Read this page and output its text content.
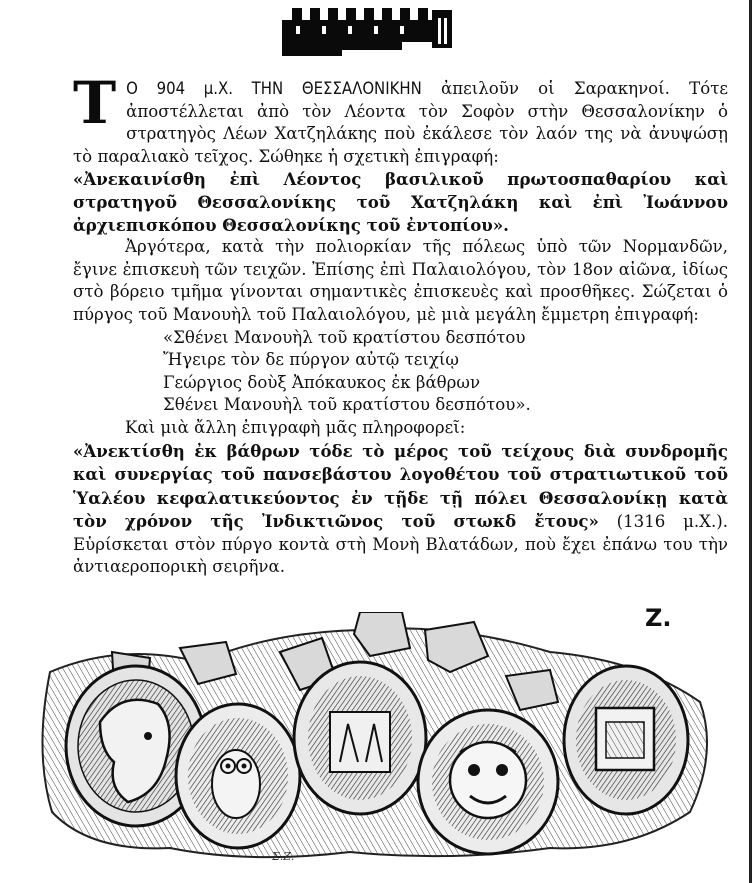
Τ Ο 904 μ.Χ. ΤΗΝ ΘΕΣΣΑΛΟΝΙΚΗΝ ἀπειλοῦν οἱ Σαρακηνοί. Τότε ἀποστέλλεται ἀπὸ τὸν Λέοντα τὸν Σοφὸν στὴν Θεσσαλονίκην ὁ στρατηγὸς Λέων Χατζηλάκης ποὺ ἐκάλεσε τὸν λαόν της νὰ ἀνυψώσῃ τὸ παραλιακὸ τεῖχος. Σώθηκε ἡ σχετικὴ ἐπιγραφή:

«Ἀνεκαινίσθη ἐπὶ Λέοντος βασιλικοῦ πρωτοσπαθαρίου καὶ στρατηγοῦ Θεσσαλονίκης τοῦ Χατζηλάκη καὶ ἐπὶ Ἰωάννου ἀρχιεπισκόπου Θεσσαλονίκης τοῦ ἐντοπίου».

Ἀργότερα, κατὰ τὴν πολιορκίαν τῆς πόλεως ὑπὸ τῶν Νορμανδῶν, ἔγινε ἐπισκευὴ τῶν τειχῶν. Ἐπίσης ἐπὶ Παλαιολόγου, τὸν 18ον αἰῶνα, ἰδίως στὸ βόρειο τμῆμα γίνονται σημαντικὲς ἐπισκευὲς καὶ προσθῆκες. Σώζεται ὁ πύργος τοῦ Μανουὴλ τοῦ Παλαιολόγου, μὲ μιὰ μεγάλη ἔμμετρη ἐπιγραφή:

«Σθένει Μανουὴλ τοῦ κρατίστου δεσπότου
Ἤγειρε τὸν δε πύργον αὐτῷ τειχίῳ
Γεώργιος δοὺξ Ἀπόκαυκος ἐκ βάθρων
Σθένει Μανουὴλ τοῦ κρατίστου δεσπότου».

Καὶ μιὰ ἄλλη ἐπιγραφὴ μᾶς πληροφορεῖ:

«Ἀνεκτίσθη ἐκ βάθρων τόδε τὸ μέρος τοῦ τείχους διὰ συνδρομῆς καὶ συνεργίας τοῦ πανσεβάστου λογοθέτου τοῦ στρατιωτικοῦ τοῦ Ὑαλέου κεφαλατικεύοντος ἐν τῇδε τῇ πόλει Θεσσαλονίκῃ κατὰ τὸν χρόνον τῆς Ἰνδικτιῶνος τοῦ στωκδ ἔτους» (1316 μ.Χ.). Εὑρίσκεται στὸν πύργο κοντὰ στὴ Μονὴ Βλατάδων, ποὺ ἔχει ἐπάνω του τὴν ἀντιαεροπορικὴ σειρῆνα.

Ζ.
Σ.Ζ.
